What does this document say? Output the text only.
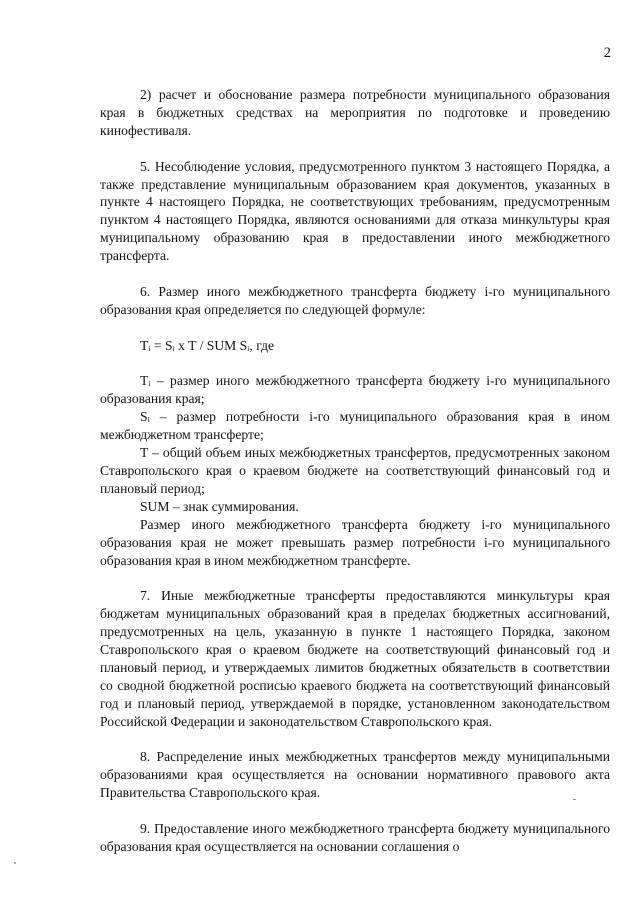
2

2) расчет и обоснование размера потребности муниципального образования края в бюджетных средствах на мероприятия по подготовке и проведению кинофестиваля.

5. Несоблюдение условия, предусмотренного пунктом 3 настоящего Порядка, а также представление муниципальным образованием края документов, указанных в пункте 4 настоящего Порядка, не соответствующих требованиям, предусмотренным пунктом 4 настоящего Порядка, являются основаниями для отказа минкультуры края муниципальному образованию края в предоставлении иного межбюджетного трансферта.

6. Размер иного межбюджетного трансферта бюджету i-го муниципального образования края определяется по следующей формуле:

Tᵢ = Sᵢ x T / SUM Sᵢ, где

Tᵢ – размер иного межбюджетного трансферта бюджету i-го муниципального образования края;

Sᵢ – размер потребности i-го муниципального образования края в ином межбюджетном трансферте;

T – общий объем иных межбюджетных трансфертов, предусмотренных законом Ставропольского края о краевом бюджете на соответствующий финансовый год и плановый период;

SUM – знак суммирования.

Размер иного межбюджетного трансферта бюджету i-го муниципального образования края не может превышать размер потребности i-го муниципального образования края в ином межбюджетном трансферте.

7. Иные межбюджетные трансферты предоставляются минкультуры края бюджетам муниципальных образований края в пределах бюджетных ассигнований, предусмотренных на цель, указанную в пункте 1 настоящего Порядка, законом Ставропольского края о краевом бюджете на соответствующий финансовый год и плановый период, и утверждаемых лимитов бюджетных обязательств в соответствии со сводной бюджетной росписью краевого бюджета на соответствующий финансовый год и плановый период, утверждаемой в порядке, установленном законодательством Российской Федерации и законодательством Ставропольского края.

8. Распределение иных межбюджетных трансфертов между муниципальными образованиями края осуществляется на основании нормативного правового акта Правительства Ставропольского края.

9. Предоставление иного межбюджетного трансферта бюджету муниципального образования края осуществляется на основании соглашения о
